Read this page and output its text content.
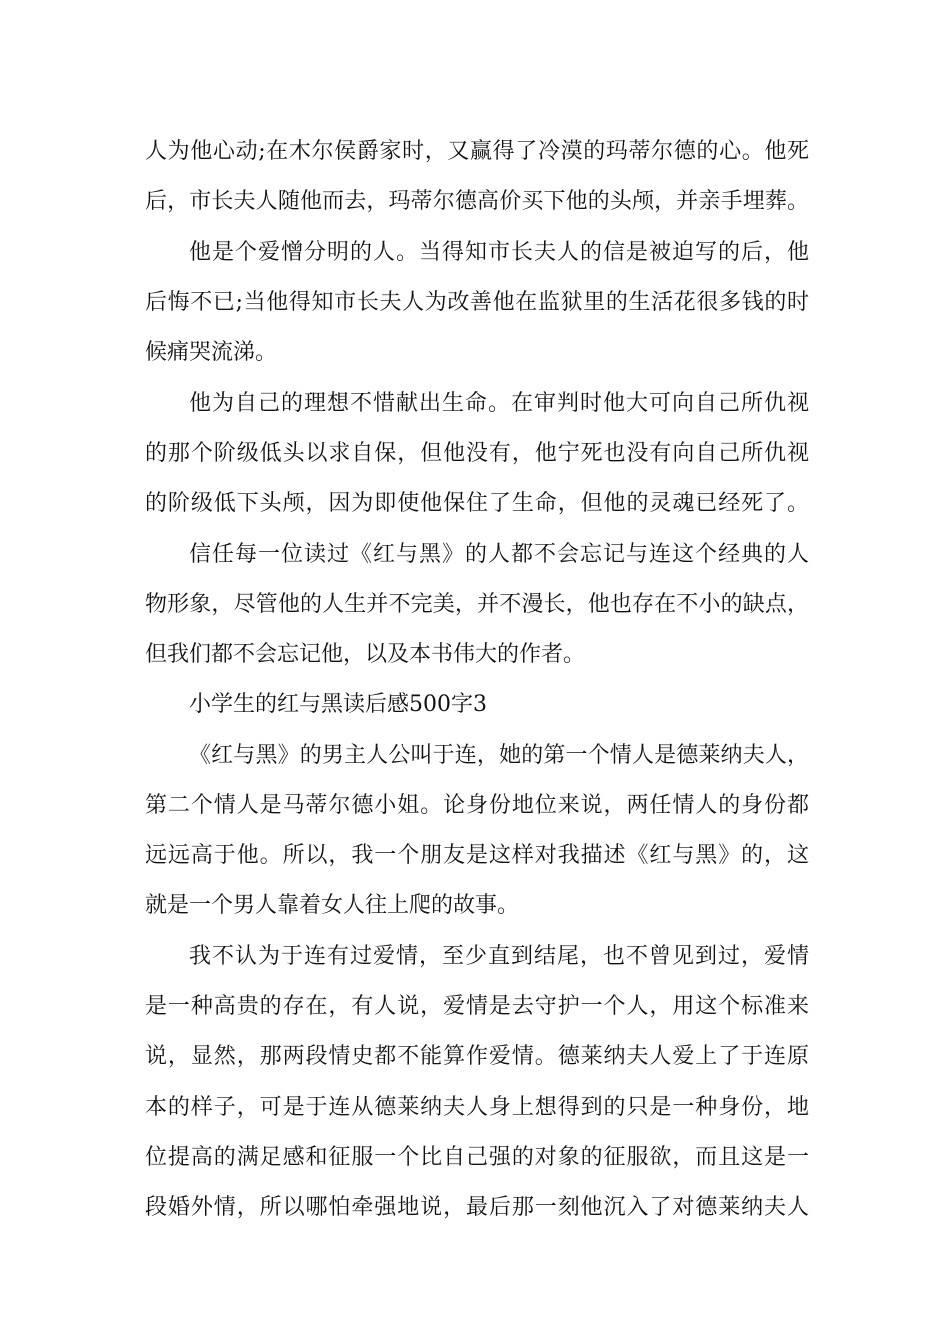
人为他心动;在木尔侯爵家时，又赢得了冷漠的玛蒂尔德的心。他死
后，市长夫人随他而去，玛蒂尔德高价买下他的头颅，并亲手埋葬。
他是个爱憎分明的人。当得知市长夫人的信是被迫写的后，他
后悔不已;当他得知市长夫人为改善他在监狱里的生活花很多钱的时
候痛哭流涕。
他为自己的理想不惜献出生命。在审判时他大可向自己所仇视
的那个阶级低头以求自保，但他没有，他宁死也没有向自己所仇视
的阶级低下头颅，因为即使他保住了生命，但他的灵魂已经死了。
信任每一位读过《红与黑》的人都不会忘记与连这个经典的人
物形象，尽管他的人生并不完美，并不漫长，他也存在不小的缺点，
但我们都不会忘记他，以及本书伟大的作者。
小学生的红与黑读后感500字3
《红与黑》的男主人公叫于连，她的第一个情人是德莱纳夫人，
第二个情人是马蒂尔德小姐。论身份地位来说，两任情人的身份都
远远高于他。所以，我一个朋友是这样对我描述《红与黑》的，这
就是一个男人靠着女人往上爬的故事。
我不认为于连有过爱情，至少直到结尾，也不曾见到过，爱情
是一种高贵的存在，有人说，爱情是去守护一个人，用这个标准来
说，显然，那两段情史都不能算作爱情。德莱纳夫人爱上了于连原
本的样子，可是于连从德莱纳夫人身上想得到的只是一种身份，地
位提高的满足感和征服一个比自己强的对象的征服欲，而且这是一
段婚外情，所以哪怕牵强地说，最后那一刻他沉入了对德莱纳夫人
